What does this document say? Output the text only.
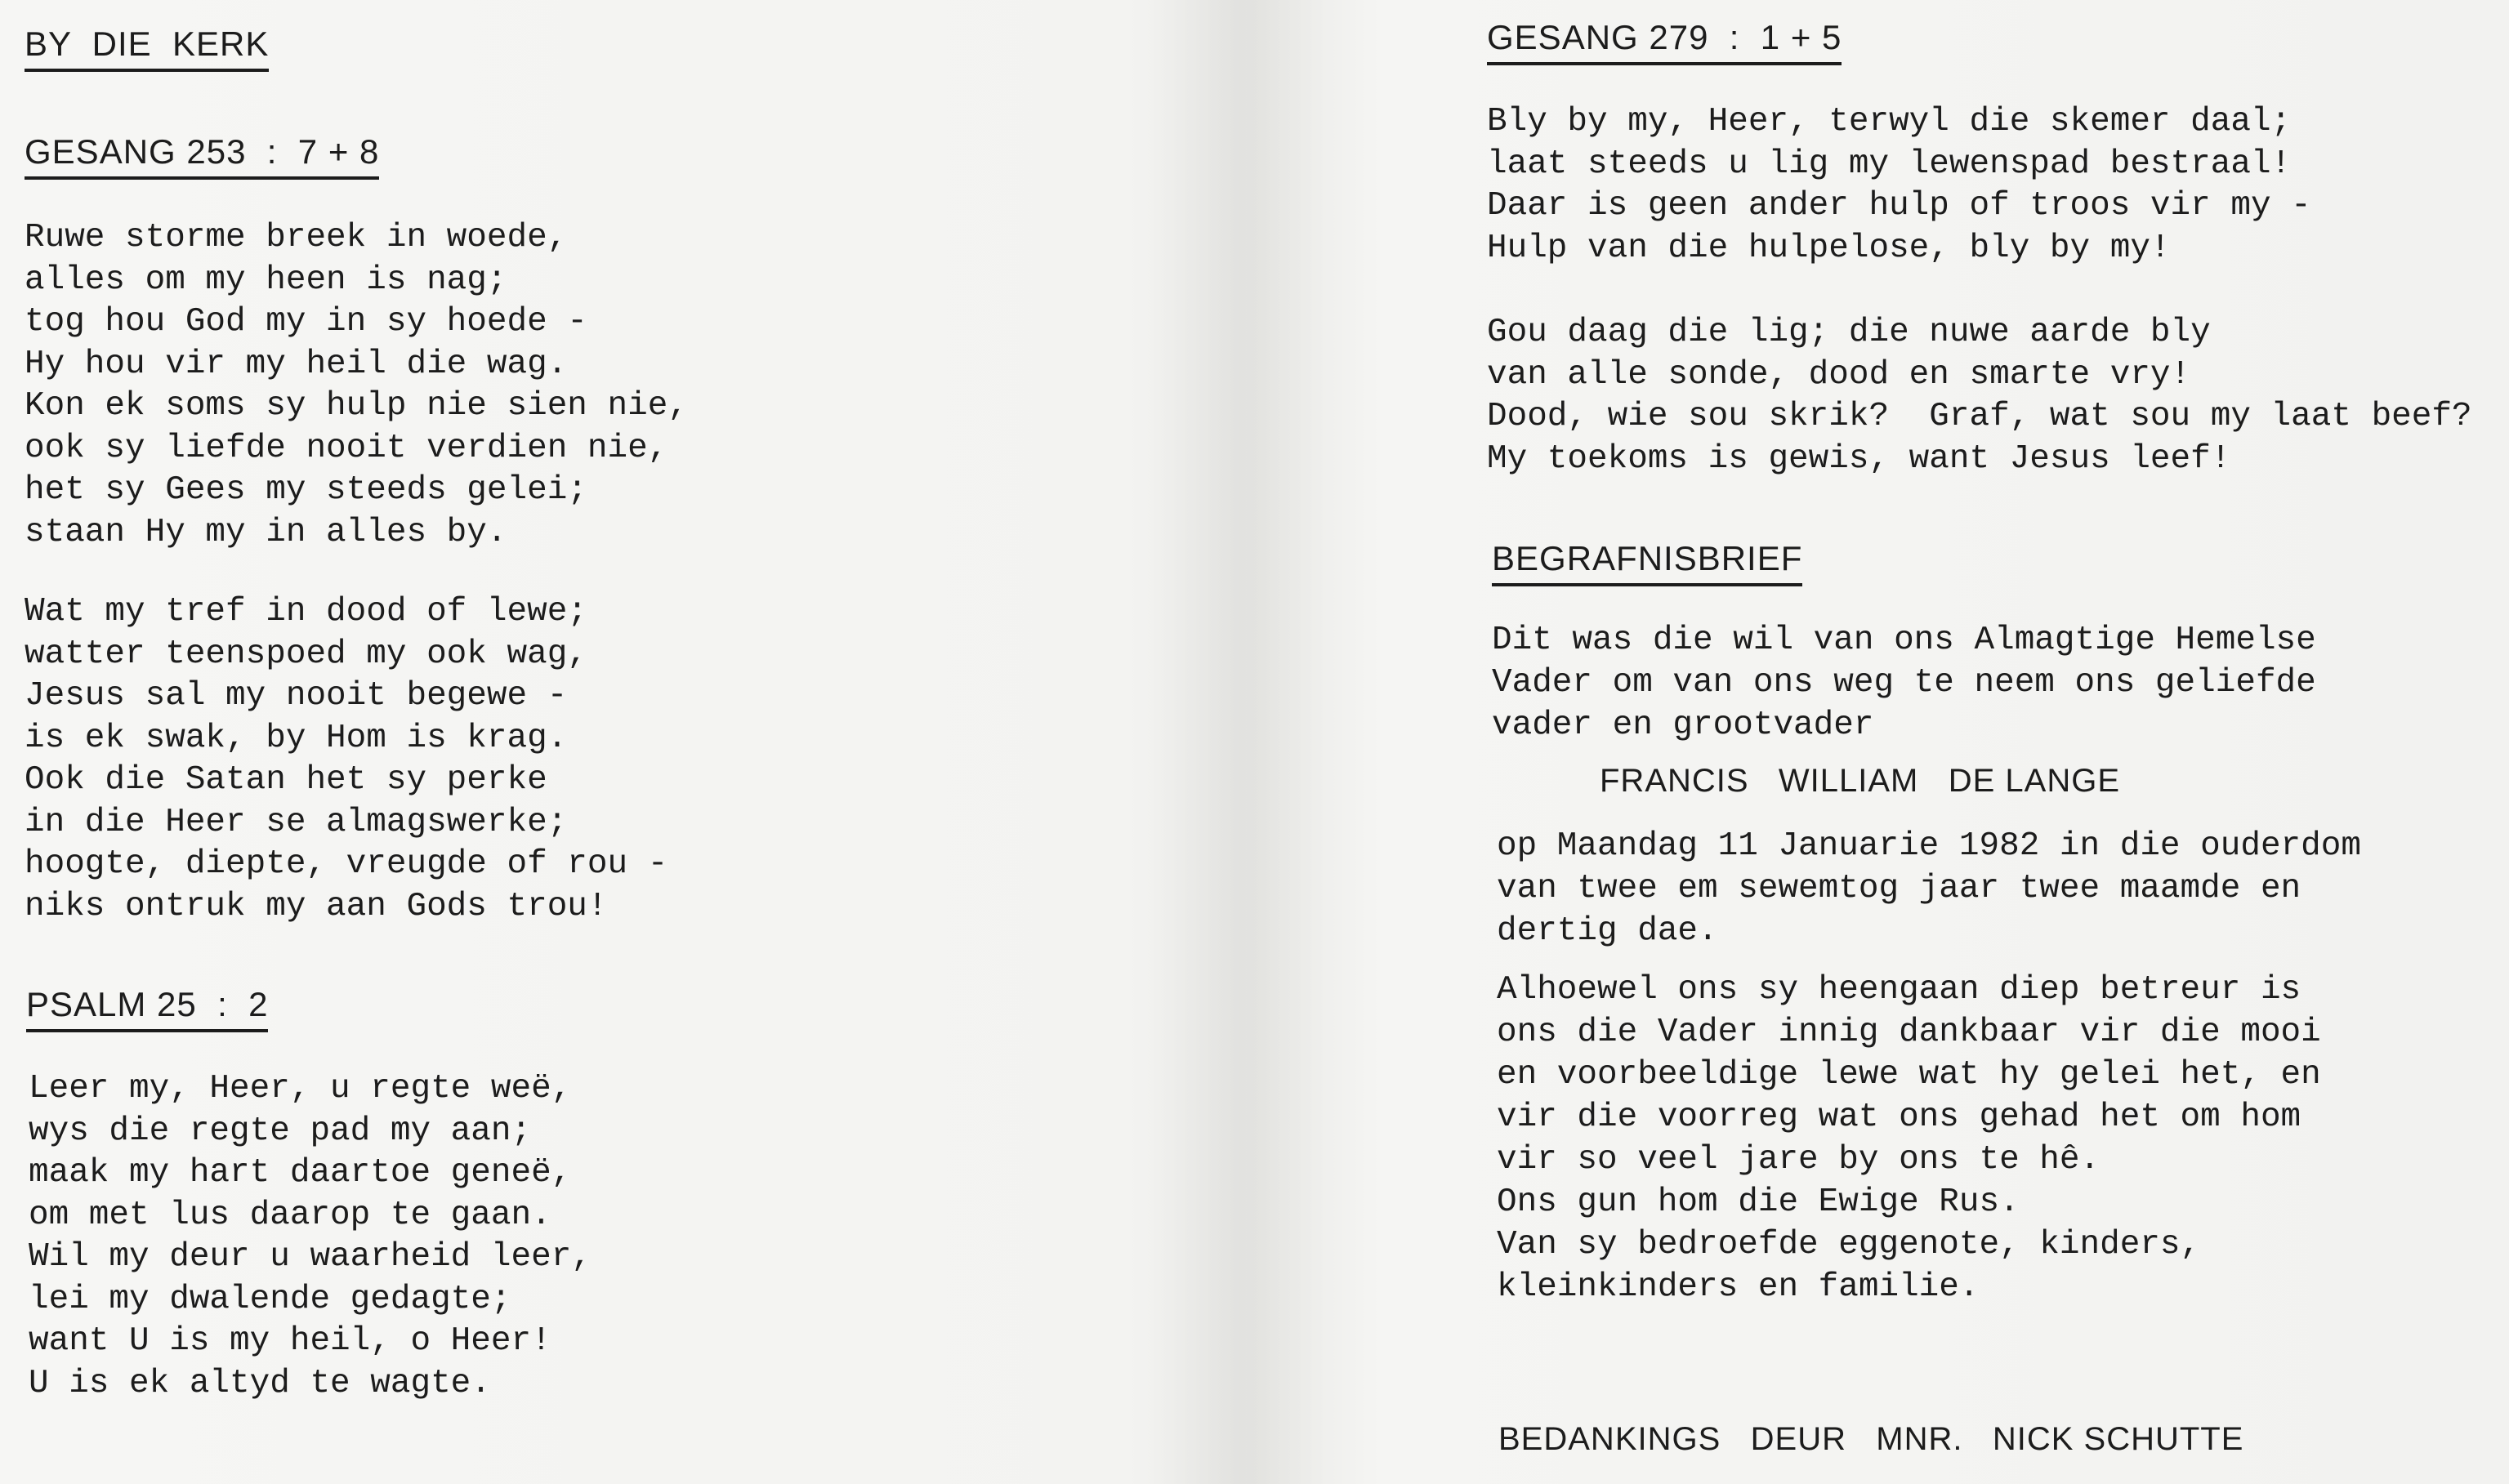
BY  DIE  KERK
GESANG 253  :  7 + 8
Ruwe storme breek in woede,
alles om my heen is nag;
tog hou God my in sy hoede -
Hy hou vir my heil die wag.
Kon ek soms sy hulp nie sien nie,
ook sy liefde nooit verdien nie,
het sy Gees my steeds gelei;
staan Hy my in alles by.
Wat my tref in dood of lewe;
watter teenspoed my ook wag,
Jesus sal my nooit begewe -
is ek swak, by Hom is krag.
Ook die Satan het sy perke
in die Heer se almagswerke;
hoogte, diepte, vreugde of rou -
niks ontruk my aan Gods trou!
PSALM 25  :  2
Leer my, Heer, u regte weë,
wys die regte pad my aan;
maak my hart daartoe geneë,
om met lus daarop te gaan.
Wil my deur u waarheid leer,
lei my dwalende gedagte;
want U is my heil, o Heer!
U is ek altyd te wagte.
GESANG 279  :  1 + 5
Bly by my, Heer, terwyl die skemer daal;
laat steeds u lig my lewenspad bestraal!
Daar is geen ander hulp of troos vir my -
Hulp van die hulpelose, bly by my!
Gou daag die lig; die nuwe aarde bly
van alle sonde, dood en smarte vry!
Dood, wie sou skrik?  Graf, wat sou my laat beef?
My toekoms is gewis, want Jesus leef!
BEGRAFNISBRIEF
Dit was die wil van ons Almagtige Hemelse
Vader om van ons weg te neem ons geliefde
vader en grootvader
FRANCIS   WILLIAM   DE LANGE
op Maandag 11 Januarie 1982 in die ouderdom
van twee em sewemtog jaar twee maamde en
dertig dae.
Alhoewel ons sy heengaan diep betreur is
ons die Vader innig dankbaar vir die mooi
en voorbeeldige lewe wat hy gelei het, en
vir die voorreg wat ons gehad het om hom
vir so veel jare by ons te hê.
Ons gun hom die Ewige Rus.
Van sy bedroefde eggenote, kinders,
kleinkinders en familie.
BEDANKINGS   DEUR   MNR.   NICK SCHUTTE
